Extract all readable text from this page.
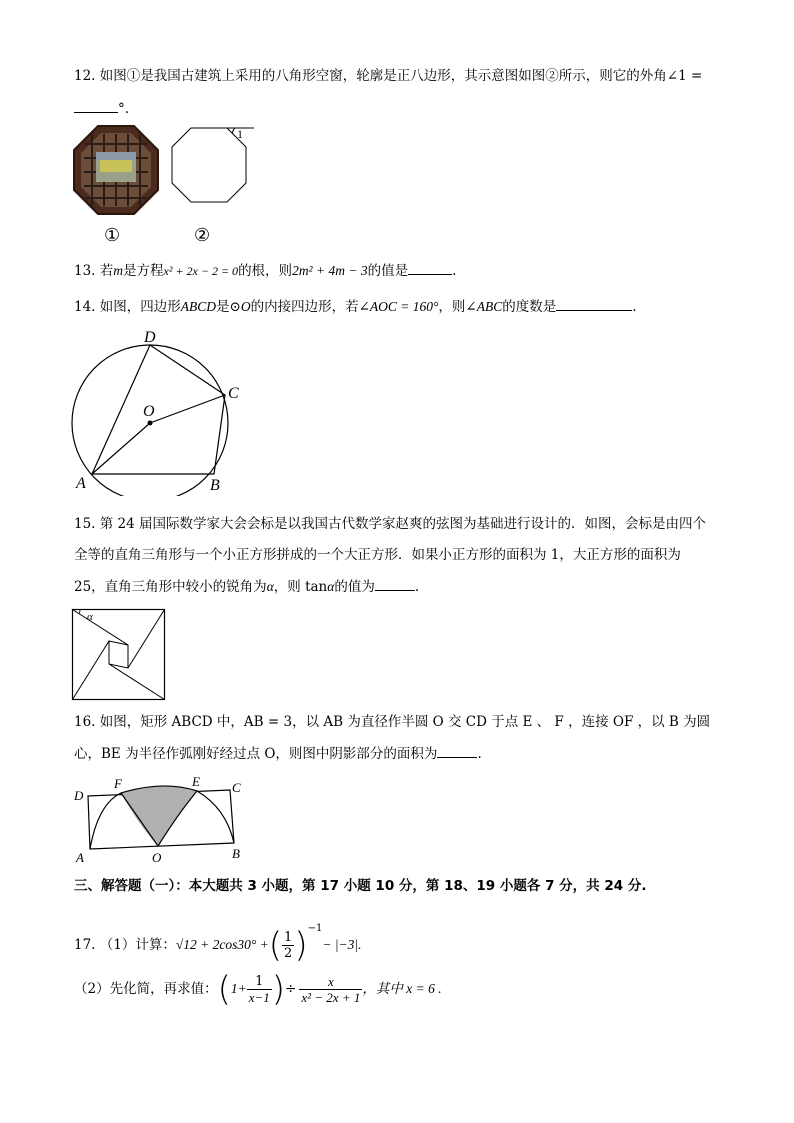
12. 如图①是我国古建筑上采用的八角形空窗，轮廓是正八边形，其示意图如图②所示，则它的外角∠1 =
°.
①
1
②
13. 若m是方程x² + 2x − 2 = 0的根，则2m² + 4m − 3的值是	.
14. 如图，四边形ABCD是⊙O的内接四边形，若∠AOC = 160°，则∠ABC的度数是	.
D
C
O
A	B
15. 第 24 届国际数学家大会会标是以我国古代数学家赵爽的弦图为基础进行设计的．如图，会标是由四个
全等的直角三角形与一个小正方形拼成的一个大正方形．如果小正方形的面积为 1，大正方形的面积为
25，直角三角形中较小的锐角为α，则 tanα的值为	.
α
16. 如图，矩形 ABCD 中，AB = 3，以 AB 为直径作半圆 O 交 CD 于点 E 、 F ，连接 OF ，以 B 为圆
心，BE 为半径作弧刚好经过点 O，则图中阴影部分的面积为	.
D
F	E C
A	O	B
三、解答题（一）：本大题共 3 小题，第 17 小题 10 分，第 18、19 小题各 7 分，共 24 分.
17. （1）计算：√12 + 2cos30° +( $\frac{1}{2} )^{-1}- |-3|$.
（2）先化简，再求值：($1+ \frac{1}{x-1}$ )÷ $\frac{x}{\text{x² − 2x + 1}}$ ，其中 x = 6 .
